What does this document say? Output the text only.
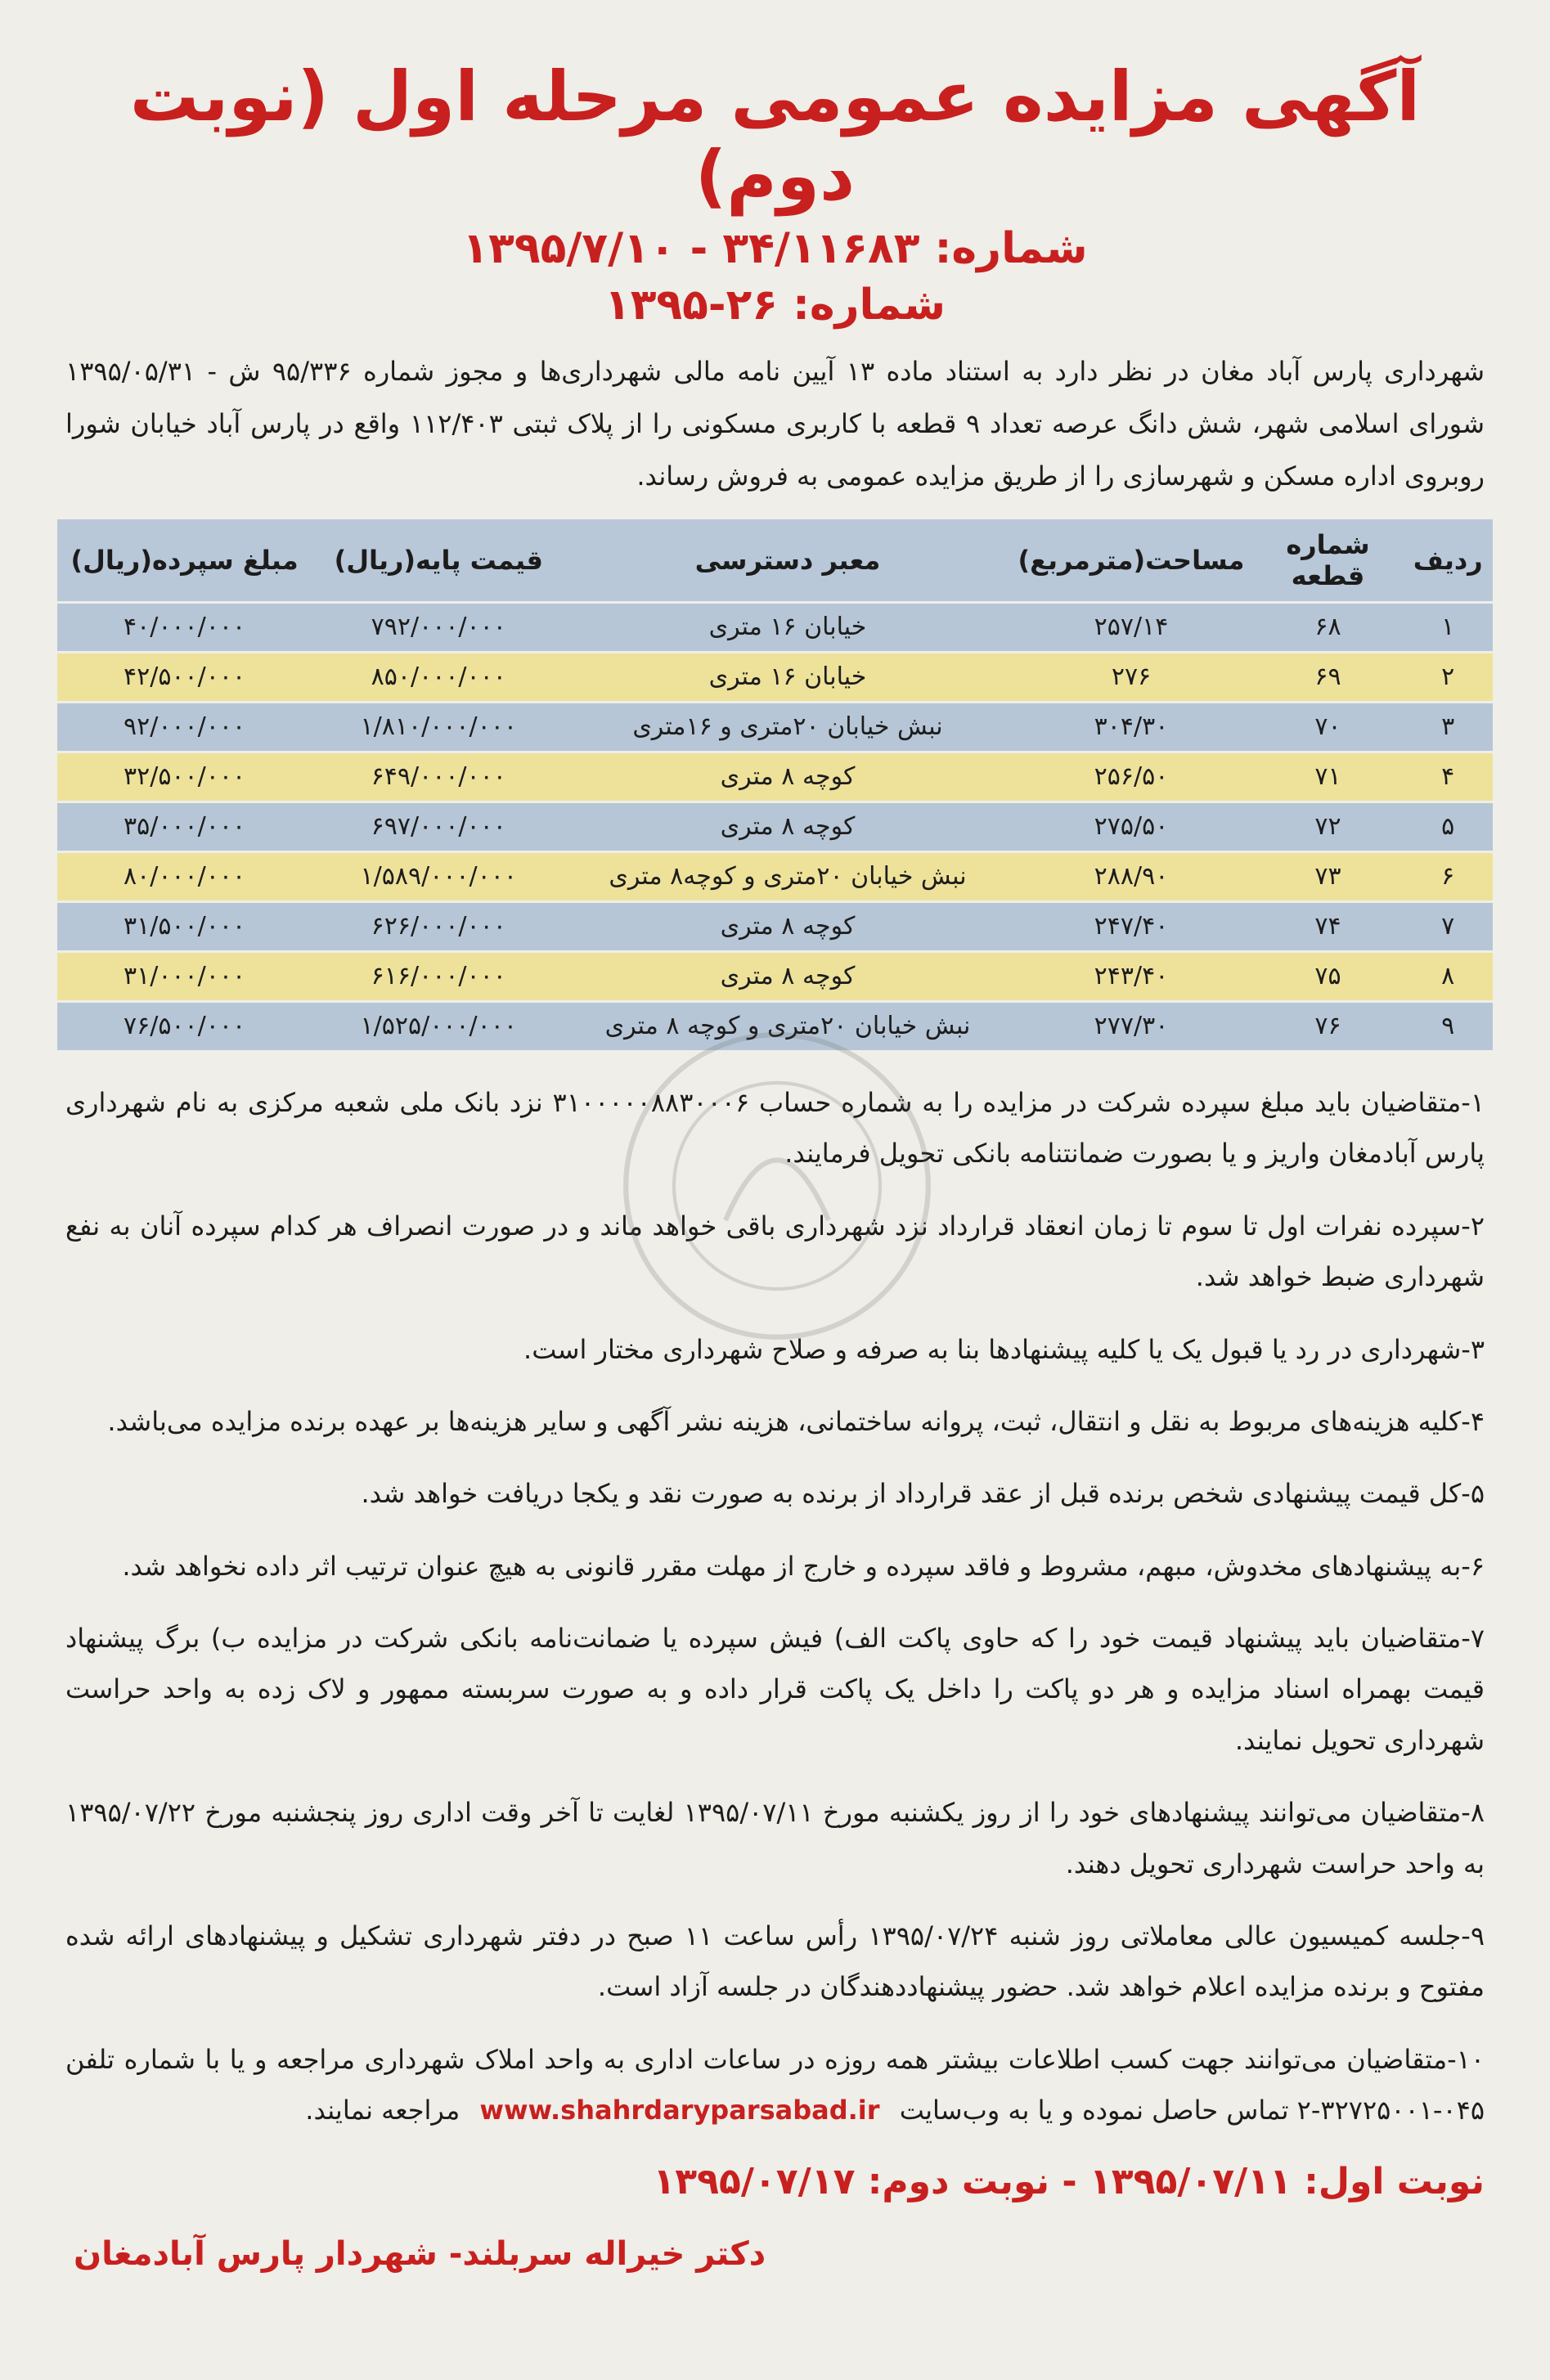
آگهی مزایده عمومی مرحله اول (نوبت دوم)
شماره: ۳۴/۱۱۶۸۳ - ۱۳۹۵/۷/۱۰
شماره: ۲۶-۱۳۹۵

شهرداری پارس آباد مغان در نظر دارد به استناد ماده ۱۳ آیین نامه مالی شهرداری‌ها و مجوز شماره ۹۵/۳۳۶ ش - ۱۳۹۵/۰۵/۳۱ شورای اسلامی شهر، شش دانگ عرصه تعداد ۹ قطعه با کاربری مسکونی را از پلاک ثبتی ۱۱۲/۴۰۳ واقع در پارس آباد خیابان شورا روبروی اداره مسکن و شهرسازی را از طریق مزایده عمومی به فروش رساند.

ردیف	شماره قطعه	مساحت(مترمربع)	معبر دسترسی	قیمت پایه(ریال)	مبلغ سپرده(ریال)
۱	۶۸	۲۵۷/۱۴	خیابان ۱۶ متری	۷۹۲/۰۰۰/۰۰۰	۴۰/۰۰۰/۰۰۰
۲	۶۹	۲۷۶	خیابان ۱۶ متری	۸۵۰/۰۰۰/۰۰۰	۴۲/۵۰۰/۰۰۰
۳	۷۰	۳۰۴/۳۰	نبش خیابان ۲۰متری و ۱۶متری	۱/۸۱۰/۰۰۰/۰۰۰	۹۲/۰۰۰/۰۰۰
۴	۷۱	۲۵۶/۵۰	کوچه ۸ متری	۶۴۹/۰۰۰/۰۰۰	۳۲/۵۰۰/۰۰۰
۵	۷۲	۲۷۵/۵۰	کوچه ۸ متری	۶۹۷/۰۰۰/۰۰۰	۳۵/۰۰۰/۰۰۰
۶	۷۳	۲۸۸/۹۰	نبش خیابان ۲۰متری و کوچه۸ متری	۱/۵۸۹/۰۰۰/۰۰۰	۸۰/۰۰۰/۰۰۰
۷	۷۴	۲۴۷/۴۰	کوچه ۸ متری	۶۲۶/۰۰۰/۰۰۰	۳۱/۵۰۰/۰۰۰
۸	۷۵	۲۴۳/۴۰	کوچه ۸ متری	۶۱۶/۰۰۰/۰۰۰	۳۱/۰۰۰/۰۰۰
۹	۷۶	۲۷۷/۳۰	نبش خیابان ۲۰متری و کوچه ۸ متری	۱/۵۲۵/۰۰۰/۰۰۰	۷۶/۵۰۰/۰۰۰

۱-متقاضیان باید مبلغ سپرده شرکت در مزایده را به شماره حساب ۳۱۰۰۰۰۰۸۸۳۰۰۰۶ نزد بانک ملی شعبه مرکزی به نام شهرداری پارس آبادمغان واریز و یا بصورت ضمانتنامه بانکی تحویل فرمایند.

۲-سپرده نفرات اول تا سوم تا زمان انعقاد قرارداد نزد شهرداری باقی خواهد ماند و در صورت انصراف هر کدام سپرده آنان به نفع شهرداری ضبط خواهد شد.

۳-شهرداری در رد یا قبول یک یا کلیه پیشنهادها بنا به صرفه و صلاح شهرداری مختار است.

۴-کلیه هزینه‌های مربوط به نقل و انتقال، ثبت، پروانه ساختمانی، هزینه نشر آگهی و سایر هزینه‌ها بر عهده برنده مزایده می‌باشد.

۵-کل قیمت پیشنهادی شخص برنده قبل از عقد قرارداد از برنده به صورت نقد و یکجا دریافت خواهد شد.

۶-به پیشنهادهای مخدوش، مبهم، مشروط و فاقد سپرده و خارج از مهلت مقرر قانونی به هیچ عنوان ترتیب اثر داده نخواهد شد.

۷-متقاضیان باید پیشنهاد قیمت خود را که حاوی پاکت الف) فیش سپرده یا ضمانت‌نامه بانکی شرکت در مزایده ب) برگ پیشنهاد قیمت بهمراه اسناد مزایده و هر دو پاکت را داخل یک پاکت قرار داده و به صورت سربسته ممهور و لاک زده به واحد حراست شهرداری تحویل نمایند.

۸-متقاضیان می‌توانند پیشنهادهای خود را از روز یکشنبه مورخ ۱۳۹۵/۰۷/۱۱ لغایت تا آخر وقت اداری روز پنجشنبه مورخ ۱۳۹۵/۰۷/۲۲ به واحد حراست شهرداری تحویل دهند.

۹-جلسه کمیسیون عالی معاملاتی روز شنبه ۱۳۹۵/۰۷/۲۴ رأس ساعت ۱۱ صبح در دفتر شهرداری تشکیل و پیشنهادهای ارائه شده مفتوح و برنده مزایده اعلام خواهد شد. حضور پیشنهاددهندگان در جلسه آزاد است.

۱۰-متقاضیان می‌توانند جهت کسب اطلاعات بیشتر همه روزه در ساعات اداری به واحد املاک شهرداری مراجعه و یا با شماره تلفن ۰۴۵-۳۲۷۲۵۰۰۱-۲ تماس حاصل نموده و یا به وب‌سایت www.shahrdaryparsabad.ir مراجعه نمایند.

نوبت اول: ۱۳۹۵/۰۷/۱۱ - نوبت دوم: ۱۳۹۵/۰۷/۱۷
دکتر خیراله سربلند- شهردار پارس آبادمغان
